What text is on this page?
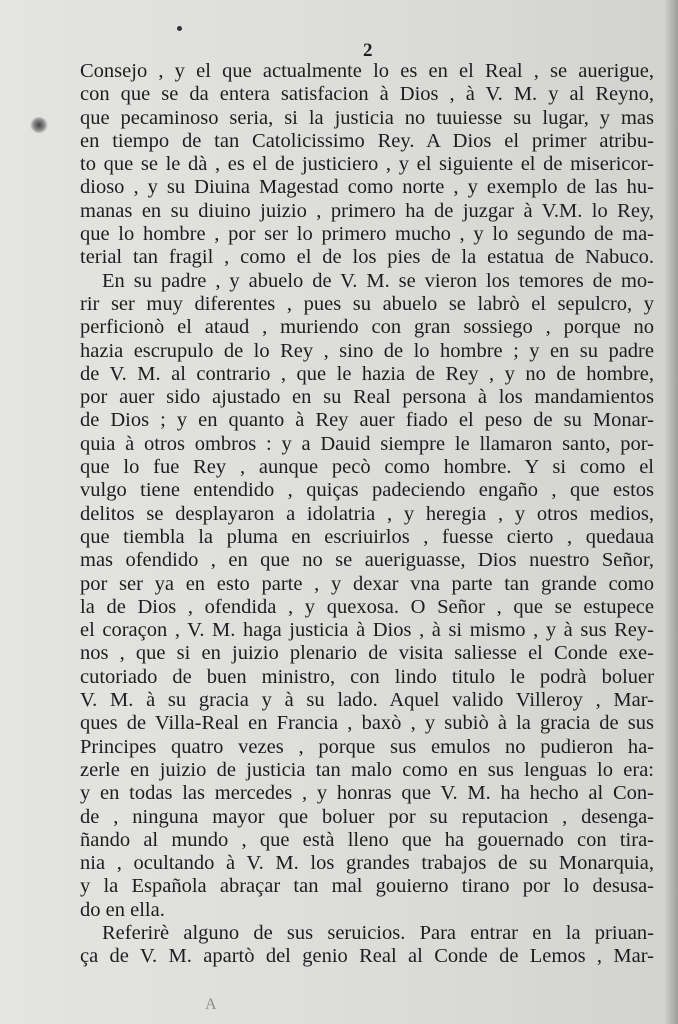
2
Consejo , y el que actualmente lo es en el Real , se auerigue,
con que se da entera satisfacion à Dios , à V. M. y al Reyno,
que pecaminoso seria, si la justicia no tuuiesse su lugar, y mas
en tiempo de tan Catolicissimo Rey. A Dios el primer atribu-
to que se le dà , es el de justiciero , y el siguiente el de misericor-
dioso , y su Diuina Magestad como norte , y exemplo de las hu-
manas en su diuino juizio , primero ha de juzgar à V.M. lo Rey,
que lo hombre , por ser lo primero mucho , y lo segundo de ma-
terial tan fragil , como el de los pies de la estatua de Nabuco.
En su padre , y abuelo de V. M. se vieron los temores de mo-
rir ser muy diferentes , pues su abuelo se labrò el sepulcro, y
perficionò el ataud , muriendo con gran sossiego , porque no
hazia escrupulo de lo Rey , sino de lo hombre ; y en su padre
de V. M. al contrario , que le hazia de Rey , y no de hombre,
por auer sido ajustado en su Real persona à los mandamientos
de Dios ; y en quanto à Rey auer fiado el peso de su Monar-
quia à otros ombros : y a Dauid siempre le llamaron santo, por-
que lo fue Rey , aunque pecò como hombre. Y si como el
vulgo tiene entendido , quiças padeciendo engaño , que estos
delitos se desplayaron a idolatria , y heregia , y otros medios,
que tiembla la pluma en escriuirlos , fuesse cierto , quedaua
mas ofendido , en que no se aueriguasse, Dios nuestro Señor,
por ser ya en esto parte , y dexar vna parte tan grande como
la de Dios , ofendida , y quexosa. O Señor , que se estupece
el coraçon , V. M. haga justicia à Dios , à si mismo , y à sus Rey-
nos , que si en juizio plenario de visita saliesse el Conde exe-
cutoriado de buen ministro, con lindo titulo le podrà boluer
V. M. à su gracia y à su lado. Aquel valido Villeroy , Mar-
ques de Villa-Real en Francia , baxò , y subiò à la gracia de sus
Principes quatro vezes , porque sus emulos no pudieron ha-
zerle en juizio de justicia tan malo como en sus lenguas lo era:
y en todas las mercedes , y honras que V. M. ha hecho al Con-
de , ninguna mayor que boluer por su reputacion , desenga-
ñando al mundo , que està lleno que ha gouernado con tira-
nia , ocultando à V. M. los grandes trabajos de su Monarquia,
y la Española abraçar tan mal gouierno tirano por lo desusa-
do en ella.
Referirè alguno de sus seruicios. Para entrar en la priuan-
ça de V. M. apartò del genio Real al Conde de Lemos , Mar-
A
